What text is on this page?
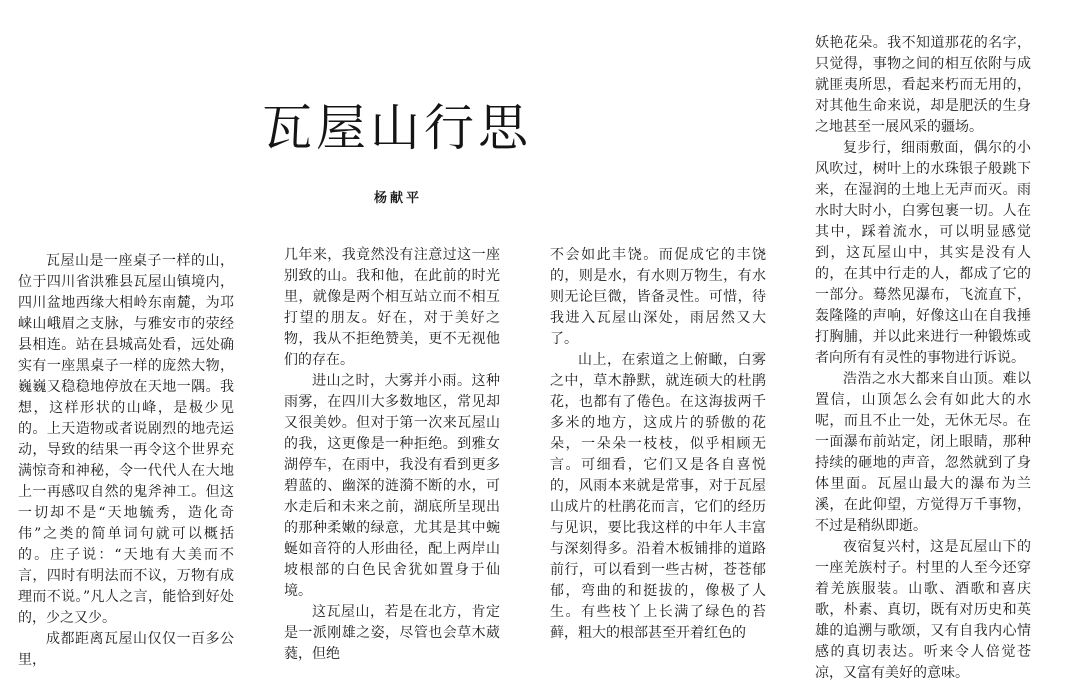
瓦屋山行思

杨献平

瓦屋山是一座桌子一样的山，位于四川省洪雅县瓦屋山镇境内，四川盆地西缘大相岭东南麓，为邛崃山峨眉之支脉，与雅安市的荥经县相连。站在县城高处看，远处确实有一座黑桌子一样的庞然大物，巍巍又稳稳地停放在天地一隅。我想，这样形状的山峰，是极少见的。上天造物或者说剧烈的地壳运动，导致的结果一再令这个世界充满惊奇和神秘，令一代代人在大地上一再感叹自然的鬼斧神工。但这一切却不是“天地毓秀，造化奇伟”之类的简单词句就可以概括的。庄子说：“天地有大美而不言，四时有明法而不议，万物有成理而不说。”凡人之言，能恰到好处的，少之又少。

成都距离瓦屋山仅仅一百多公里，

几年来，我竟然没有注意过这一座别致的山。我和他，在此前的时光里，就像是两个相互站立而不相互打望的朋友。好在，对于美好之物，我从不拒绝赞美，更不无视他们的存在。

进山之时，大雾并小雨。这种雨雾，在四川大多数地区，常见却又很美妙。但对于第一次来瓦屋山的我，这更像是一种拒绝。到雅女湖停车，在雨中，我没有看到更多碧蓝的、幽深的涟漪不断的水，可水走后和未来之前，湖底所呈现出的那种柔嫩的绿意，尤其是其中蜿蜒如音符的人形曲径，配上两岸山坡根部的白色民舍犹如置身于仙境。

这瓦屋山，若是在北方，肯定是一派刚雄之姿，尽管也会草木葳蕤，但绝

不会如此丰饶。而促成它的丰饶的，则是水，有水则万物生，有水则无论巨微，皆备灵性。可惜，待我进入瓦屋山深处，雨居然又大了。

山上，在索道之上俯瞰，白雾之中，草木静默，就连硕大的杜鹃花，也都有了倦色。在这海拔两千多米的地方，这成片的骄傲的花朵，一朵朵一枝枝，似乎相顾无言。可细看，它们又是各自喜悦的，风雨本来就是常事，对于瓦屋山成片的杜鹃花而言，它们的经历与见识，要比我这样的中年人丰富与深刻得多。沿着木板铺排的道路前行，可以看到一些古树，苍苍郁郁，弯曲的和挺拔的，像极了人生。有些枝丫上长满了绿色的苔藓，粗大的根部甚至开着红色的

妖艳花朵。我不知道那花的名字，只觉得，事物之间的相互依附与成就匪夷所思，看起来朽而无用的，对其他生命来说，却是肥沃的生身之地甚至一展风采的疆场。

复步行，细雨敷面，偶尔的小风吹过，树叶上的水珠银子般跳下来，在湿润的土地上无声而灭。雨水时大时小，白雾包裹一切。人在其中，踩着流水，可以明显感觉到，这瓦屋山中，其实是没有人的，在其中行走的人，都成了它的一部分。蓦然见瀑布，飞流直下，轰隆隆的声响，好像这山在自我捶打胸脯，并以此来进行一种锻炼或者向所有有灵性的事物进行诉说。

浩浩之水大都来自山顶。难以置信，山顶怎么会有如此大的水呢，而且不止一处，无休无尽。在一面瀑布前站定，闭上眼睛，那种持续的砸地的声音，忽然就到了身体里面。瓦屋山最大的瀑布为兰溪，在此仰望，方觉得万千事物，不过是稍纵即逝。

夜宿复兴村，这是瓦屋山下的一座羌族村子。村里的人至今还穿着羌族服装。山歌、酒歌和喜庆歌，朴素、真切，既有对历史和英雄的追溯与歌颂，又有自我内心情感的真切表达。听来令人倍觉苍凉，又富有美好的意味。
